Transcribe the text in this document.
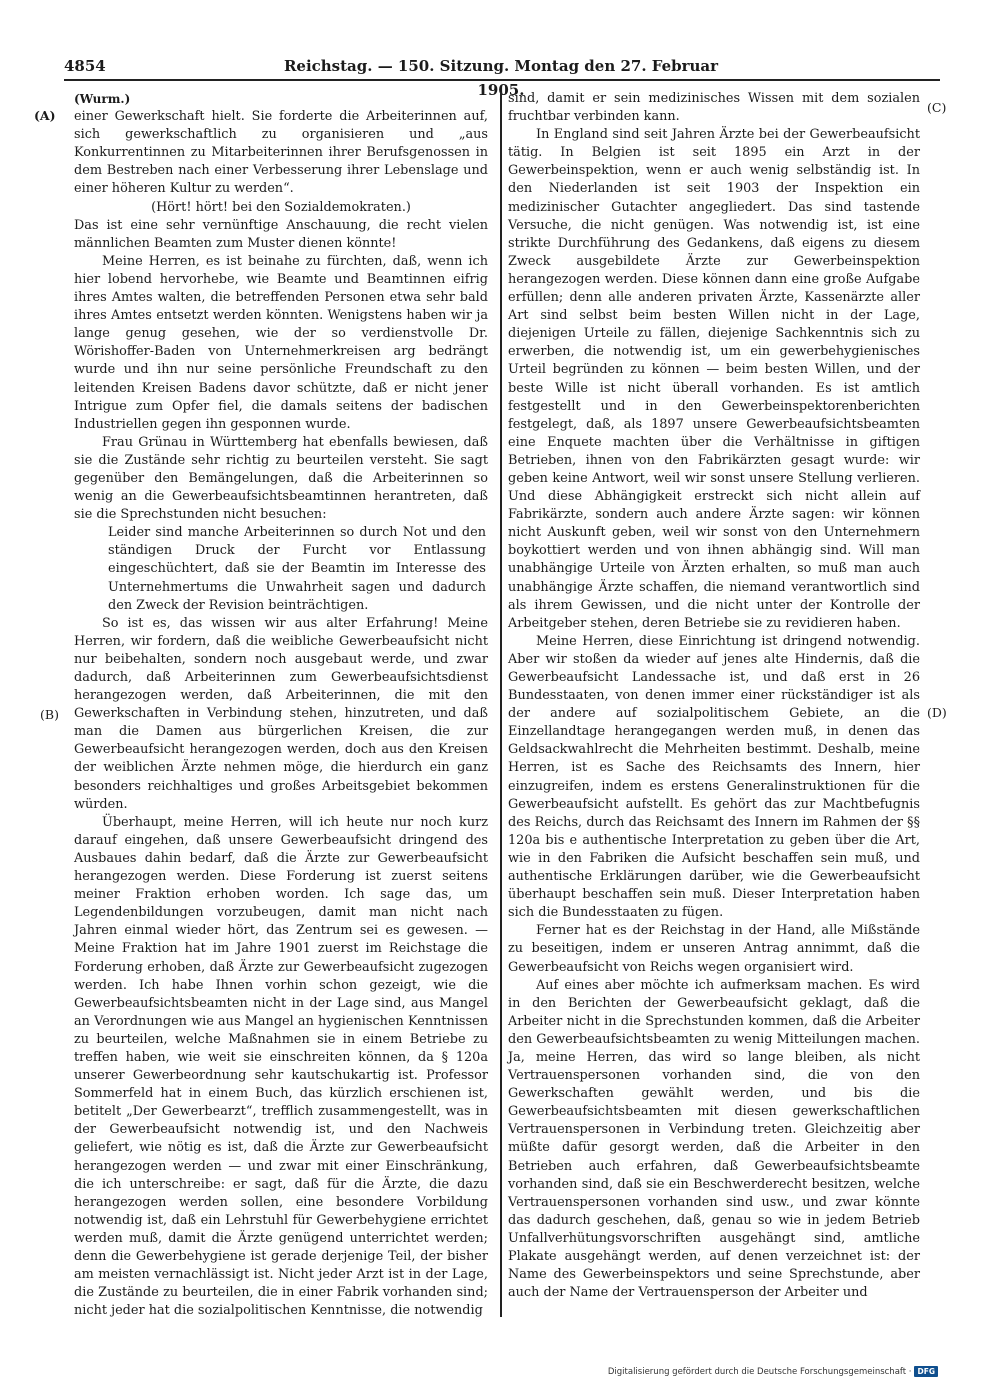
4854	Reichstag. — 150. Sitzung. Montag den 27. Februar 1905.
(A)
(B)
(C)
(D)

(Wurm.)

einer Gewerkschaft hielt. Sie forderte die Arbeiterinnen auf, sich gewerkschaftlich zu organisieren und „aus Konkurrentinnen zu Mitarbeiterinnen ihrer Berufsgenossen in dem Bestreben nach einer Verbesserung ihrer Lebenslage und einer höheren Kultur zu werden“.

(Hört! hört! bei den Sozialdemokraten.)

Das ist eine sehr vernünftige Anschauung, die recht vielen männlichen Beamten zum Muster dienen könnte!

Meine Herren, es ist beinahe zu fürchten, daß, wenn ich hier lobend hervorhebe, wie Beamte und Beamtinnen eifrig ihres Amtes walten, die betreffenden Personen etwa sehr bald ihres Amtes entsetzt werden könnten. Wenigstens haben wir ja lange genug gesehen, wie der so verdienstvolle Dr. Wörishoffer-Baden von Unternehmerkreisen arg bedrängt wurde und ihn nur seine persönliche Freundschaft zu den leitenden Kreisen Badens davor schützte, daß er nicht jener Intrigue zum Opfer fiel, die damals seitens der badischen Industriellen gegen ihn gesponnen wurde.

Frau Grünau in Württemberg hat ebenfalls bewiesen, daß sie die Zustände sehr richtig zu beurteilen versteht. Sie sagt gegenüber den Bemängelungen, daß die Arbeiterinnen so wenig an die Gewerbeaufsichtsbeamtinnen herantreten, daß sie die Sprechstunden nicht besuchen:

Leider sind manche Arbeiterinnen so durch Not und den ständigen Druck der Furcht vor Entlassung eingeschüchtert, daß sie der Beamtin im Interesse des Unternehmertums die Unwahrheit sagen und dadurch den Zweck der Revision beinträchtigen.

So ist es, das wissen wir aus alter Erfahrung! Meine Herren, wir fordern, daß die weibliche Gewerbeaufsicht nicht nur beibehalten, sondern noch ausgebaut werde, und zwar dadurch, daß Arbeiterinnen zum Gewerbeaufsichtsdienst herangezogen werden, daß Arbeiterinnen, die mit den Gewerkschaften in Verbindung stehen, hinzutreten, und daß man die Damen aus bürgerlichen Kreisen, die zur Gewerbeaufsicht herangezogen werden, doch aus den Kreisen der weiblichen Ärzte nehmen möge, die hierdurch ein ganz besonders reichhaltiges und großes Arbeitsgebiet bekommen würden.

Überhaupt, meine Herren, will ich heute nur noch kurz darauf eingehen, daß unsere Gewerbeaufsicht dringend des Ausbaues dahin bedarf, daß die Ärzte zur Gewerbeaufsicht herangezogen werden. Diese Forderung ist zuerst seitens meiner Fraktion erhoben worden. Ich sage das, um Legendenbildungen vorzubeugen, damit man nicht nach Jahren einmal wieder hört, das Zentrum sei es gewesen. — Meine Fraktion hat im Jahre 1901 zuerst im Reichstage die Forderung erhoben, daß Ärzte zur Gewerbeaufsicht zugezogen werden. Ich habe Ihnen vorhin schon gezeigt, wie die Gewerbeaufsichtsbeamten nicht in der Lage sind, aus Mangel an Verordnungen wie aus Mangel an hygienischen Kenntnissen zu beurteilen, welche Maßnahmen sie in einem Betriebe zu treffen haben, wie weit sie einschreiten können, da § 120a unserer Gewerbeordnung sehr kautschukartig ist. Professor Sommerfeld hat in einem Buch, das kürzlich erschienen ist, betitelt „Der Gewerbearzt“, trefflich zusammengestellt, was in der Gewerbeaufsicht notwendig ist, und den Nachweis geliefert, wie nötig es ist, daß die Ärzte zur Gewerbeaufsicht herangezogen werden — und zwar mit einer Einschränkung, die ich unterschreibe: er sagt, daß für die Ärzte, die dazu herangezogen werden sollen, eine besondere Vorbildung notwendig ist, daß ein Lehrstuhl für Gewerbehygiene errichtet werden muß, damit die Ärzte genügend unterrichtet werden; denn die Gewerbehygiene ist gerade derjenige Teil, der bisher am meisten vernachlässigt ist. Nicht jeder Arzt ist in der Lage, die Zustände zu beurteilen, die in einer Fabrik vorhanden sind; nicht jeder hat die sozialpolitischen Kenntnisse, die notwendig

sind, damit er sein medizinisches Wissen mit dem sozialen fruchtbar verbinden kann.

In England sind seit Jahren Ärzte bei der Gewerbeaufsicht tätig. In Belgien ist seit 1895 ein Arzt in der Gewerbeinspektion, wenn er auch wenig selbständig ist. In den Niederlanden ist seit 1903 der Inspektion ein medizinischer Gutachter angegliedert. Das sind tastende Versuche, die nicht genügen. Was notwendig ist, ist eine strikte Durchführung des Gedankens, daß eigens zu diesem Zweck ausgebildete Ärzte zur Gewerbeinspektion herangezogen werden. Diese können dann eine große Aufgabe erfüllen; denn alle anderen privaten Ärzte, Kassenärzte aller Art sind selbst beim besten Willen nicht in der Lage, diejenigen Urteile zu fällen, diejenige Sachkenntnis sich zu erwerben, die notwendig ist, um ein gewerbehygienisches Urteil begründen zu können — beim besten Willen, und der beste Wille ist nicht überall vorhanden. Es ist amtlich festgestellt und in den Gewerbeinspektorenberichten festgelegt, daß, als 1897 unsere Gewerbeaufsichtsbeamten eine Enquete machten über die Verhältnisse in giftigen Betrieben, ihnen von den Fabrikärzten gesagt wurde: wir geben keine Antwort, weil wir sonst unsere Stellung verlieren. Und diese Abhängigkeit erstreckt sich nicht allein auf Fabrikärzte, sondern auch andere Ärzte sagen: wir können nicht Auskunft geben, weil wir sonst von den Unternehmern boykottiert werden und von ihnen abhängig sind. Will man unabhängige Urteile von Ärzten erhalten, so muß man auch unabhängige Ärzte schaffen, die niemand verantwortlich sind als ihrem Gewissen, und die nicht unter der Kontrolle der Arbeitgeber stehen, deren Betriebe sie zu revidieren haben.

Meine Herren, diese Einrichtung ist dringend notwendig. Aber wir stoßen da wieder auf jenes alte Hindernis, daß die Gewerbeaufsicht Landessache ist, und daß erst in 26 Bundesstaaten, von denen immer einer rückständiger ist als der andere auf sozialpolitischem Gebiete, an die Einzellandtage herangegangen werden muß, in denen das Geldsackwahlrecht die Mehrheiten bestimmt. Deshalb, meine Herren, ist es Sache des Reichsamts des Innern, hier einzugreifen, indem es erstens Generalinstruktionen für die Gewerbeaufsicht aufstellt. Es gehört das zur Machtbefugnis des Reichs, durch das Reichsamt des Innern im Rahmen der §§ 120a bis e authentische Interpretation zu geben über die Art, wie in den Fabriken die Aufsicht beschaffen sein muß, und authentische Erklärungen darüber, wie die Gewerbeaufsicht überhaupt beschaffen sein muß. Dieser Interpretation haben sich die Bundesstaaten zu fügen.

Ferner hat es der Reichstag in der Hand, alle Mißstände zu beseitigen, indem er unseren Antrag annimmt, daß die Gewerbeaufsicht von Reichs wegen organisiert wird.

Auf eines aber möchte ich aufmerksam machen. Es wird in den Berichten der Gewerbeaufsicht geklagt, daß die Arbeiter nicht in die Sprechstunden kommen, daß die Arbeiter den Gewerbeaufsichtsbeamten zu wenig Mitteilungen machen. Ja, meine Herren, das wird so lange bleiben, als nicht Vertrauenspersonen vorhanden sind, die von den Gewerkschaften gewählt werden, und bis die Gewerbeaufsichtsbeamten mit diesen gewerkschaftlichen Vertrauenspersonen in Verbindung treten. Gleichzeitig aber müßte dafür gesorgt werden, daß die Arbeiter in den Betrieben auch erfahren, daß Gewerbeaufsichtsbeamte vorhanden sind, daß sie ein Beschwerderecht besitzen, welche Vertrauenspersonen vorhanden sind usw., und zwar könnte das dadurch geschehen, daß, genau so wie in jedem Betrieb Unfallverhütungsvorschriften ausgehängt sind, amtliche Plakate ausgehängt werden, auf denen verzeichnet ist: der Name des Gewerbeinspektors und seine Sprechstunde, aber auch der Name der Vertrauensperson der Arbeiter und

Digitalisierung gefördert durch die Deutsche Forschungsgemeinschaft · DFG
